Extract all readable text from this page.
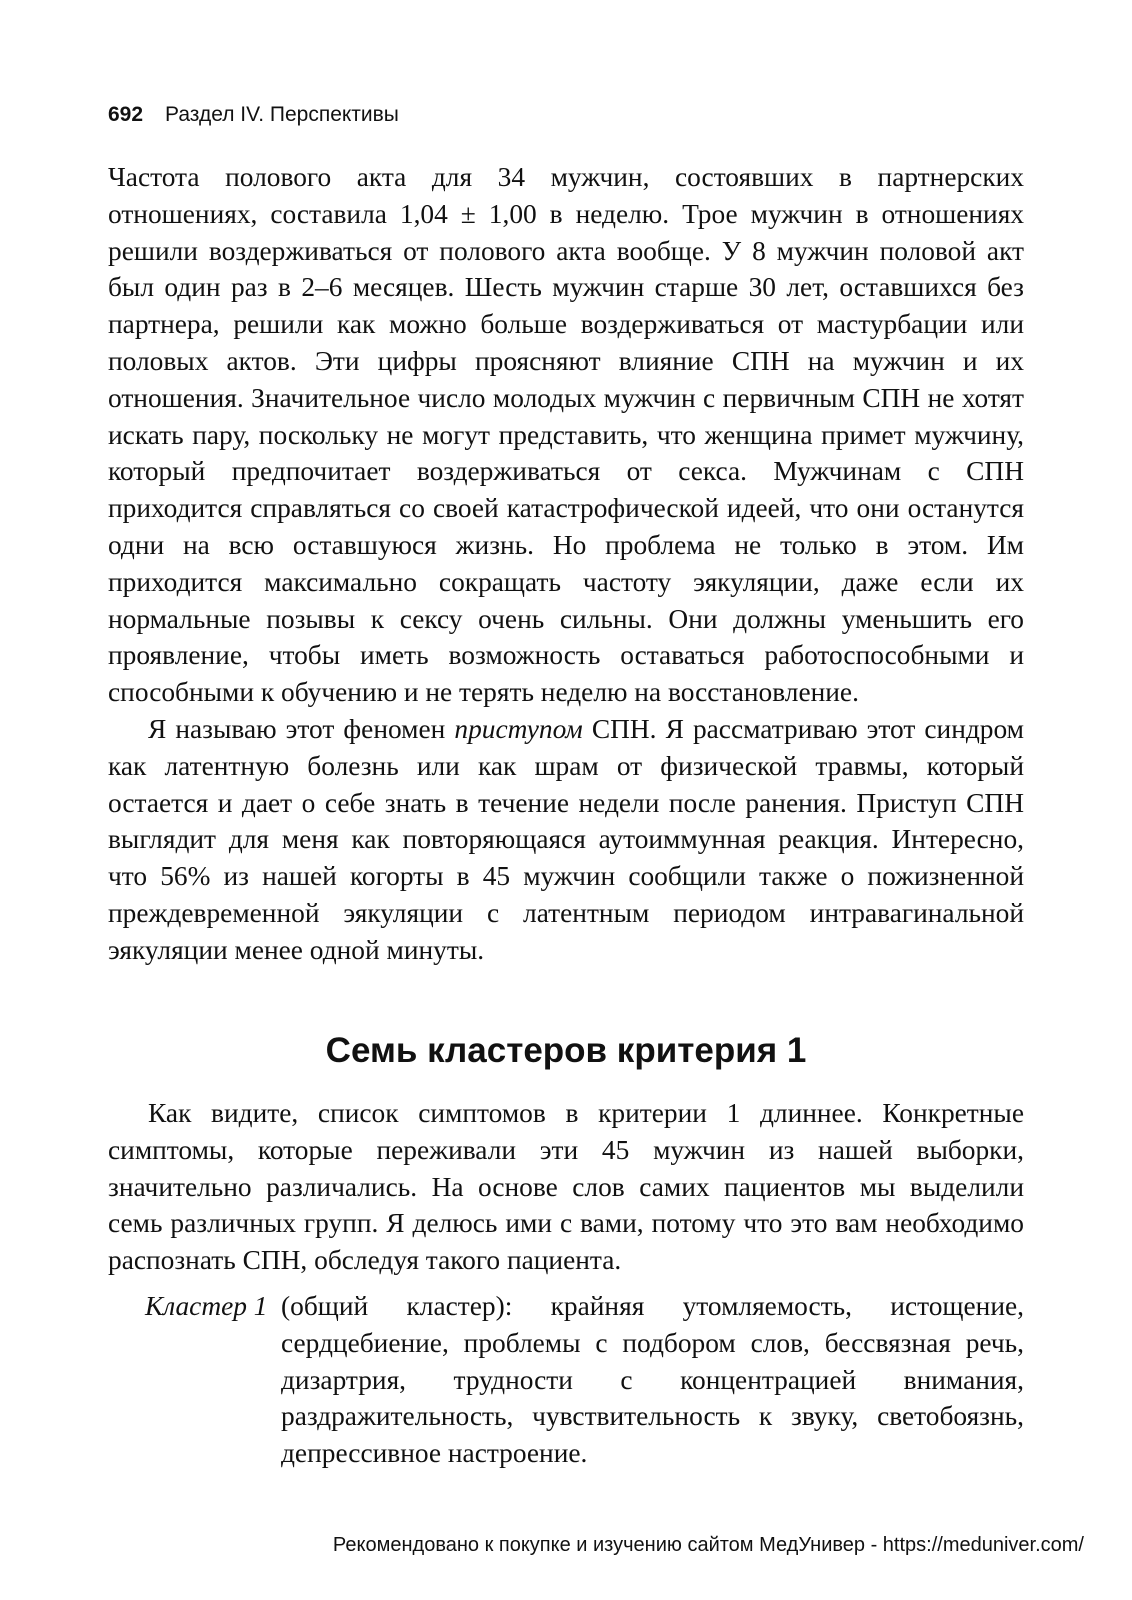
692 Раздел IV. Перспективы

Частота полового акта для 34 мужчин, состоявших в партнерских отношениях, составила 1,04 ± 1,00 в неделю. Трое мужчин в отношениях решили воздерживаться от полового акта вообще. У 8 мужчин половой акт был один раз в 2–6 месяцев. Шесть мужчин старше 30 лет, оставшихся без партнера, решили как можно больше воздерживаться от мастурбации или половых актов. Эти цифры проясняют влияние СПН на мужчин и их отношения. Значительное число молодых мужчин с первичным СПН не хотят искать пару, поскольку не могут представить, что женщина примет мужчину, который предпочитает воздерживаться от секса. Мужчинам с СПН приходится справляться со своей катастрофической идеей, что они останутся одни на всю оставшуюся жизнь. Но проблема не только в этом. Им приходится максимально сокращать частоту эякуляции, даже если их нормальные позывы к сексу очень сильны. Они должны уменьшить его проявление, чтобы иметь возможность оставаться работоспособными и способными к обучению и не терять неделю на восстановление.

Я называю этот феномен приступом СПН. Я рассматриваю этот синдром как латентную болезнь или как шрам от физической травмы, который остается и дает о себе знать в течение недели после ранения. Приступ СПН выглядит для меня как повторяющаяся аутоиммунная реакция. Интересно, что 56% из нашей когорты в 45 мужчин сообщили также о пожизненной преждевременной эякуляции с латентным периодом интравагинальной эякуляции менее одной минуты.

Семь кластеров критерия 1

Как видите, список симптомов в критерии 1 длиннее. Конкретные симптомы, которые переживали эти 45 мужчин из нашей выборки, значительно различались. На основе слов самих пациентов мы выделили семь различных групп. Я делюсь ими с вами, потому что это вам необходимо распознать СПН, обследуя такого пациента.

Кластер 1 (общий кластер): крайняя утомляемость, истощение, сердцебиение, проблемы с подбором слов, бессвязная речь, дизартрия, трудности с концентрацией внимания, раздражительность, чувствительность к звуку, светобоязнь, депрессивное настроение.
Рекомендовано к покупке и изучению сайтом МедУнивер - https://meduniver.com/
